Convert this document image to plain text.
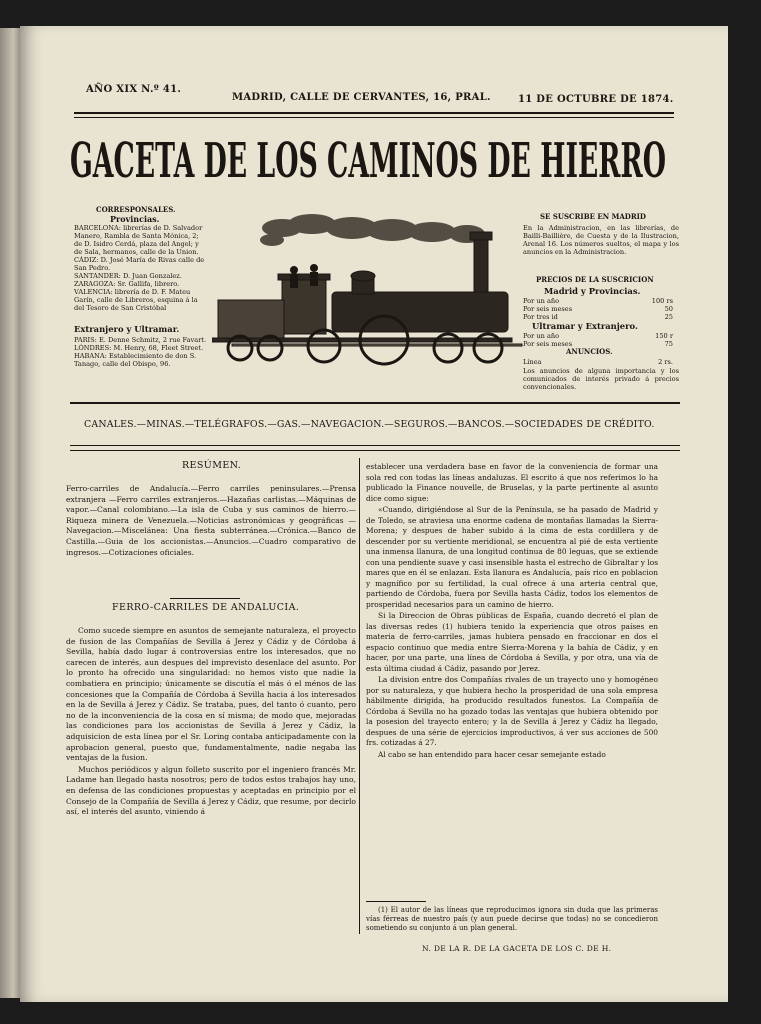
AÑO XIX N.º 41.
MADRID, CALLE DE CERVANTES, 16, PRAL.	11 DE OCTUBRE DE 1874.
GACETA DE LOS CAMINOS DE HIERRO
CORRESPONSALES.
Provincias.

BARCELONA: librerías de D. Salvador Manero, Rambla de Santa Mónica, 2; de D. Isidro Cerdá, plaza del Angel; y de Sala, hermanos, calle de la Union.

CÁDIZ: D. José María de Rivas calle de San Pedro.

SANTANDER: D. Juan Gonzalez.

ZARAGOZA: Sr. Gallifa, librero.

VALENCIA: librería de D. F. Mateu Garín, calle de Libreros, esquina á la del Tesoro de San Cristóbal

Extranjero y Ultramar.

PARIS: E. Denne Schmitz, 2 rue Favart.

LÓNDRES: M. Henry, 68, Fleet Street.

HABANA: Establecimiento de don S. Tanago, calle del Obispo, 96.

SE SUSCRIBE EN MADRID
En la Administracion, en las librerías, de Bailli-Baillière, de Cuesta y de la Ilustracion, Arenal 16. Los números sueltos, el mapa y los anuncios en la Administracion.
PRECIOS DE LA SUSCRICION
Madrid y Provincias.
Por un año	100 rs
Por seis meses	50
Por tres id	25
Ultramar y Extranjero.
Por un año	150 r
Por seis meses	75
ANUNCIOS.
Línea	2 rs.
Los anuncios de alguna importancia y los comunicados de interés privado á precios convencionales.
CANALES.—MINAS.—TELÉGRAFOS.—GAS.—NAVEGACION.—SEGUROS.—BANCOS.—SOCIEDADES DE CRÉDITO.
RESÚMEN.

Ferro-carriles de Andalucía.—Ferro carriles peninsulares.—Prensa extranjera —Ferro carriles extranjeros.—Hazañas carlistas.—Máquinas de vapor.—Canal colombiano.—La isla de Cuba y sus caminos de hierro.—Riqueza minera de Venezuela.—Noticias astronómicas y geográficas —Navegacion.—Miscelánea: Una fiesta subterránea.—Crónica.—Banco de Castilla.—Guia de los accionistas.—Anuncios.—Cuadro comparativo de ingresos.—Cotizaciones oficiales.

FERRO-CARRILES DE ANDALUCIA.

Como sucede siempre en asuntos de semejante naturaleza, el proyecto de fusion de las Compañías de Sevilla á Jerez y Cádiz y de Córdoba á Sevilla, había dado lugar á controversias entre los interesados, que no carecen de interés, aun despues del imprevisto desenlace del asunto. Por lo pronto ha ofrecido una singularidad: no hemos visto que nadie la combatiera en principio; únicamente se discutía el más ó el ménos de las concesiones que la Compañía de Córdoba á Sevilla hacia á los interesados en la de Sevilla á Jerez y Cádiz. Se trataba, pues, del tanto ó cuanto, pero no de la inconveniencia de la cosa en sí misma; de modo que, mejoradas las condiciones para los accionistas de Sevilla á Jerez y Cádiz, la adquisicion de esta línea por el Sr. Loring contaba anticipadamente con la aprobacion general, puesto que, fundamentalmente, nadie negaba las ventajas de la fusion.

Muchos periódicos y algun folleto suscrito por el ingeniero francés Mr. Ladame han llegado hasta nosotros; pero de todos estos trabajos hay uno, en defensa de las condiciones propuestas y aceptadas en principio por el Consejo de la Compañía de Sevilla á Jerez y Cádiz, que resume, por decirlo así, el interés del asunto, viniendo á

establecer una verdadera base en favor de la conveniencia de formar una sola red con todas las líneas andaluzas. El escrito á que nos referimos lo ha publicado la Finance nouvelle, de Bruselas, y la parte pertinente al asunto dice como sigue:

«Cuando, dirigiéndose al Sur de la Península, se ha pasado de Madrid y de Toledo, se atraviesa una enorme cadena de montañas llamadas la Sierra-Morena; y despues de haber subido á la cima de esta cordillera y de descender por su vertiente meridional, se encuentra al pié de esta vertiente una inmensa llanura, de una longitud continua de 80 leguas, que se extiende con una pendiente suave y casi insensible hasta el estrecho de Gibraltar y los mares que en él se enlazan. Esta llanura es Andalucía, país rico en poblacion y magnífico por su fertilidad, la cual ofrece á una arteria central que, partiendo de Córdoba, fuera por Sevilla hasta Cádiz, todos los elementos de prosperidad necesarios para un camino de hierro.

Si la Direccion de Obras públicas de España, cuando decretó el plan de las diversas redes (1) hubiera tenido la experiencia que otros países en materia de ferro-carriles, jamas hubiera pensado en fraccionar en dos el espacio continuo que media entre Sierra-Morena y la bahía de Cádiz, y en hacer, por una parte, una línea de Córdoba á Sevilla, y por otra, una vía de esta última ciudad á Cádiz, pasando por Jerez.

La division entre dos Compañías rivales de un trayecto uno y homogéneo por su naturaleza, y que hubiera hecho la prosperidad de una sola empresa hábilmente dirigida, ha producido resultados funestos. La Compañía de Córdoba á Sevilla no ha gozado todas las ventajas que hubiera obtenido por la posesion del trayecto entero; y la de Sevilla á Jerez y Cádiz ha llegado, despues de una série de ejercicios improductivos, á ver sus acciones de 500 frs. cotizadas á 27.

Al cabo se han entendido para hacer cesar semejante estado

(1) El autor de las líneas que reproducimos ignora sin duda que las primeras vías férreas de nuestro país (y aun puede decirse que todas) no se concedieron sometiendo su conjunto á un plan general.

N. DE LA R. DE LA GACETA DE LOS C. DE H.
